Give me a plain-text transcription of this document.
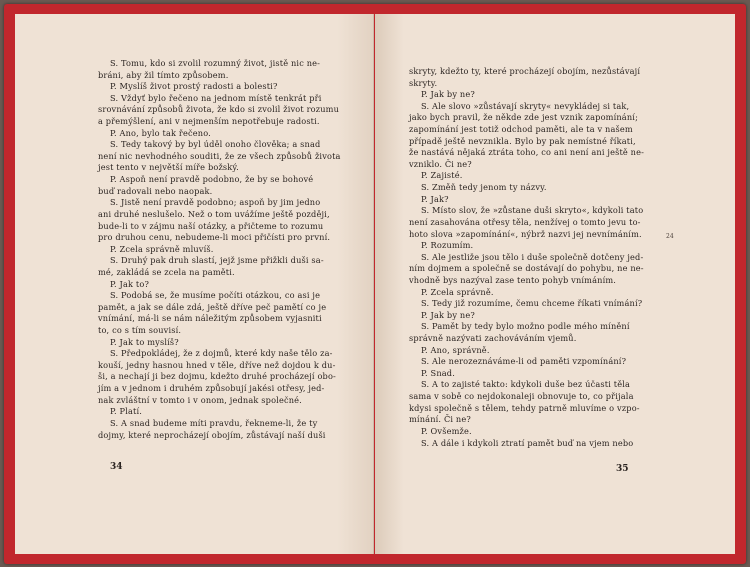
S. Tomu, kdo si zvolil rozumný život, jistě nic ne-
bráni, aby žil tímto způsobem.
P. Myslíš život prostý radosti a bolesti?
S. Vždyť bylo řečeno na jednom místě tenkrát při
srovnávání způsobů života, že kdo si zvolil život rozumu
a přemýšlení, ani v nejmenším nepotřebuje radosti.
P. Ano, bylo tak řečeno.
S. Tedy takový by byl úděl onoho člověka; a snad
není nic nevhodného souditi, že ze všech způsobů života
jest tento v největší míře božský.
P. Aspoň není pravdě podobno, že by se bohové
buď radovali nebo naopak.
S. Jistě není pravdě podobno; aspoň by jim jedno
ani druhé neslušelo. Než o tom uvážíme ještě později,
bude-li to v zájmu naší otázky, a přičteme to rozumu
pro druhou cenu, nebudeme-li moci přičísti pro první.
P. Zcela správně mluvíš.
S. Druhý pak druh slastí, jejž jsme přižkli duši sa-
mé, zakládá se zcela na paměti.
P. Jak to?
S. Podobá se, že musíme počíti otázkou, co asi je
pamět, a jak se dále zdá, ještě dříve peč pamětí co je
vnímání, má-li se nám náležitým způsobem vyjasniti
to, co s tím souvisí.
P. Jak to myslíš?
S. Předpokládej, že z dojmů, které kdy naše tělo za-
kouší, jedny hasnou hned v těle, dříve než dojdou k du-
ši, a nechají ji bez dojmu, kdežto druhé procházejí obo-
jím a v jednom i druhém způsobují jakési otřesy, jed-
nak zvláštní v tomto i v onom, jednak společné.
P. Platí.
S. A snad budeme míti pravdu, řekneme-li, že ty
dojmy, které neprocházejí obojím, zůstávají naší duši
34
skryty, kdežto ty, které procházejí obojím, nezůstávají
skryty.
P. Jak by ne?
S. Ale slovo »zůstávají skryty« nevykládej si tak,
jako bych pravil, že někde zde jest vznik zapomínání;
zapomínání jest totiž odchod paměti, ale ta v našem
případě ještě nevznikla. Bylo by pak nemístné říkati,
že nastává nějaká ztráta toho, co ani není ani ještě ne-
vzniklo. Či ne?
P. Zajisté.
S. Změň tedy jenom ty názvy.
P. Jak?
S. Místo slov, že »zůstane duši skryto«, kdykoli tato
není zasahována otřesy těla, nenžívej o tomto jevu to-
hoto slova »zapomínání«, nýbrž nazvi jej nevnímáním.
P. Rozumím.
S. Ale jestliže jsou tělo i duše společně dotčeny jed-
ním dojmem a společně se dostávají do pohybu, ne ne-
vhodně bys nazýval zase tento pohyb vnímáním.
P. Zcela správně.
S. Tedy již rozumíme, čemu chceme říkati vnímání?
P. Jak by ne?
S. Pamět by tedy bylo možno podle mého mínění
správně nazývati zachováváním vjemů.
P. Ano, správně.
S. Ale nerozeznáváme-li od paměti vzpomínání?
P. Snad.
S. A to zajisté takto: kdykoli duše bez účasti těla
sama v sobě co nejdokonaleji obnovuje to, co přijala
kdysi společně s tělem, tehdy patrně mluvíme o vzpo-
mínání. Či ne?
P. Ovšemže.
S. A dále i kdykoli ztratí pamět buď na vjem nebo
24
35
